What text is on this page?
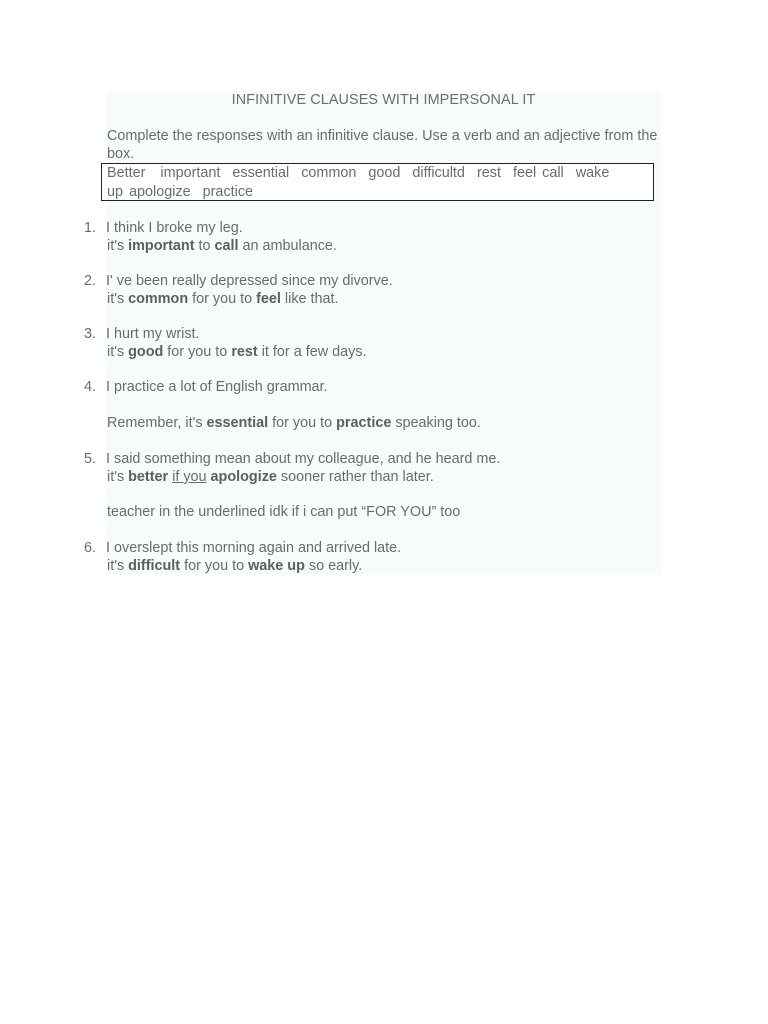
INFINITIVE CLAUSES WITH IMPERSONAL IT
Complete the responses with an infinitive clause. Use a verb and an adjective from the box.
Better important essential common good difficultd rest feel call wake
up apologize practice
1. I think I broke my leg.
it's important to call an ambulance.
2. I' ve been really depressed since my divorve.
it's common for you to feel like that.
3. I hurt my wrist.
it's good for you to rest it for a few days.
4. I practice a lot of English grammar.
Remember, it's essential for you to practice speaking too.
5. I said something mean about my colleague, and he heard me.
it's better if you apologize sooner rather than later.
teacher in the underlined idk if i can put “FOR YOU” too
6. I overslept this morning again and arrived late.
it's difficult for you to wake up so early.
